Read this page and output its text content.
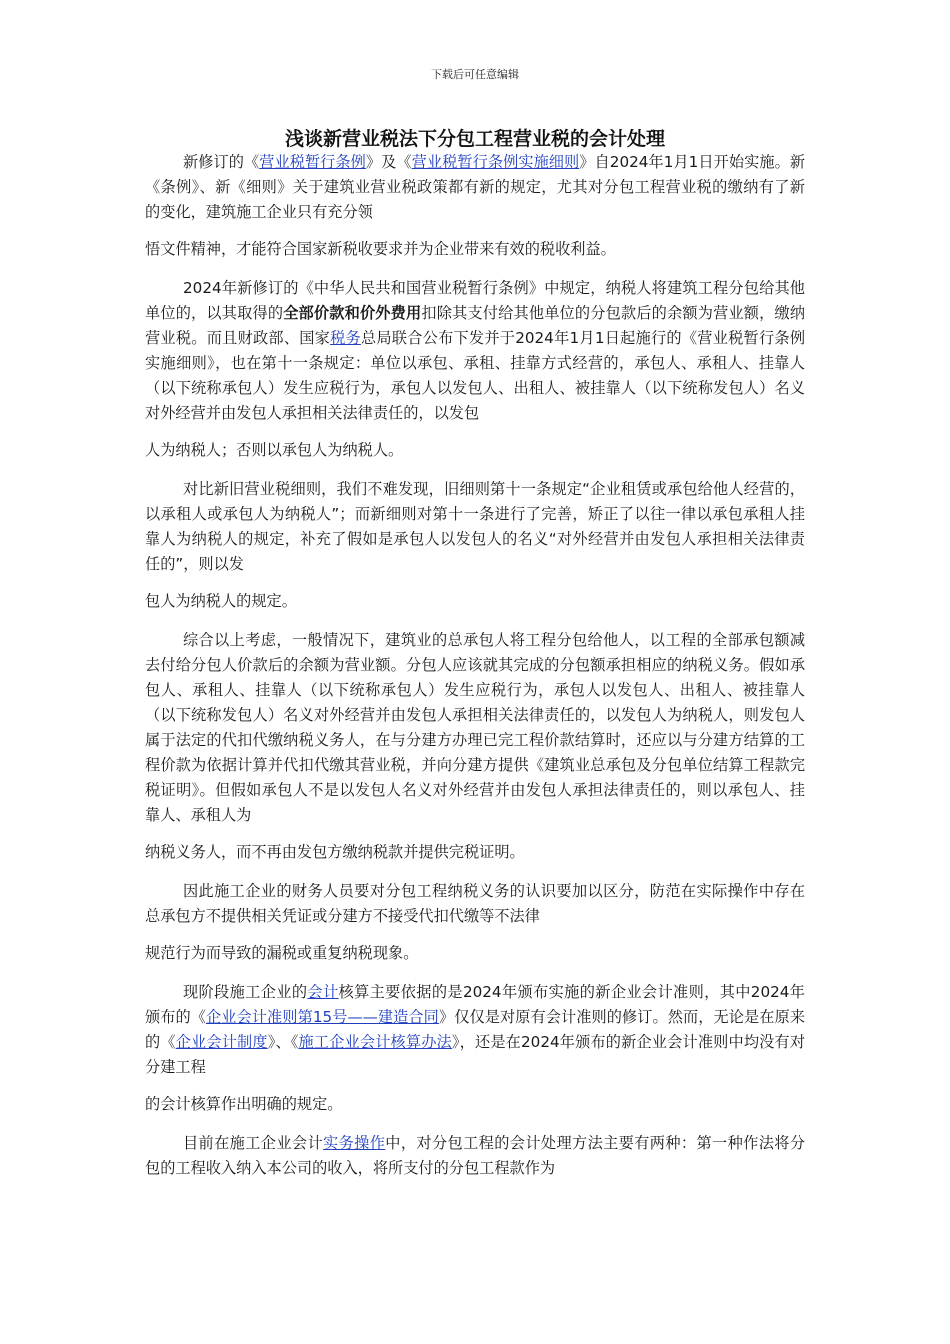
下载后可任意编辑
浅谈新营业税法下分包工程营业税的会计处理

新修订的《营业税暂行条例》及《营业税暂行条例实施细则》自2024年1月1日开始实施。新《条例》、新《细则》关于建筑业营业税政策都有新的规定，尤其对分包工程营业税的缴纳有了新的变化，建筑施工企业只有充分领
悟文件精神，才能符合国家新税收要求并为企业带来有效的税收利益。

2024年新修订的《中华人民共和国营业税暂行条例》中规定，纳税人将建筑工程分包给其他单位的，以其取得的全部价款和价外费用扣除其支付给其他单位的分包款后的余额为营业额，缴纳营业税。而且财政部、国家税务总局联合公布下发并于2024年1月1日起施行的《营业税暂行条例实施细则》，也在第十一条规定：单位以承包、承租、挂靠方式经营的，承包人、承租人、挂靠人（以下统称承包人）发生应税行为，承包人以发包人、出租人、被挂靠人（以下统称发包人）名义对外经营并由发包人承担相关法律责任的，以发包
人为纳税人；否则以承包人为纳税人。

对比新旧营业税细则，我们不难发现，旧细则第十一条规定“企业租赁或承包给他人经营的，以承租人或承包人为纳税人”；而新细则对第十一条进行了完善，矫正了以往一律以承包承租人挂靠人为纳税人的规定，补充了假如是承包人以发包人的名义“对外经营并由发包人承担相关法律责任的”，则以发
包人为纳税人的规定。

综合以上考虑，一般情况下，建筑业的总承包人将工程分包给他人，以工程的全部承包额减去付给分包人价款后的余额为营业额。分包人应该就其完成的分包额承担相应的纳税义务。假如承包人、承租人、挂靠人（以下统称承包人）发生应税行为，承包人以发包人、出租人、被挂靠人（以下统称发包人）名义对外经营并由发包人承担相关法律责任的，以发包人为纳税人，则发包人属于法定的代扣代缴纳税义务人，在与分建方办理已完工程价款结算时，还应以与分建方结算的工程价款为依据计算并代扣代缴其营业税，并向分建方提供《建筑业总承包及分包单位结算工程款完税证明》。但假如承包人不是以发包人名义对外经营并由发包人承担法律责任的，则以承包人、挂靠人、承租人为
纳税义务人，而不再由发包方缴纳税款并提供完税证明。

因此施工企业的财务人员要对分包工程纳税义务的认识要加以区分，防范在实际操作中存在总承包方不提供相关凭证或分建方不接受代扣代缴等不法律
规范行为而导致的漏税或重复纳税现象。

现阶段施工企业的会计核算主要依据的是2024年颁布实施的新企业会计准则，其中2024年颁布的《企业会计准则第15号——建造合同》仅仅是对原有会计准则的修订。然而，无论是在原来的《企业会计制度》、《施工企业会计核算办法》，还是在2024年颁布的新企业会计准则中均没有对分建工程
的会计核算作出明确的规定。

目前在施工企业会计实务操作中，对分包工程的会计处理方法主要有两种：第一种作法将分包的工程收入纳入本公司的收入，将所支付的分包工程款作为
